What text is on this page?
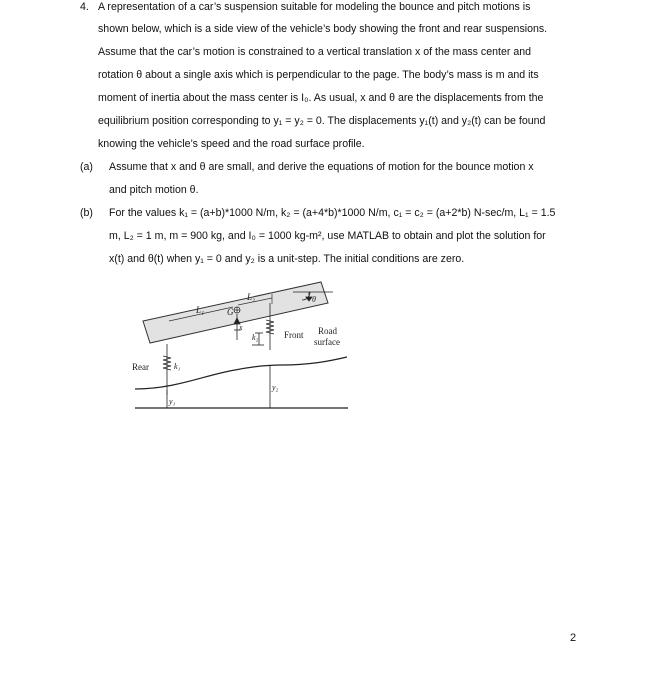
4. A representation of a car’s suspension suitable for modeling the bounce and pitch motions is
shown below, which is a side view of the vehicle’s body showing the front and rear suspensions.
Assume that the car’s motion is constrained to a vertical translation x of the mass center and
rotation θ about a single axis which is perpendicular to the page. The body’s mass is m and its
moment of inertia about the mass center is I₀. As usual, x and θ are the displacements from the
equilibrium position corresponding to y₁ = y₂ = 0. The displacements y₁(t) and y₂(t) can be found
knowing the vehicle’s speed and the road surface profile.
(a) Assume that x and θ are small, and derive the equations of motion for the bounce motion x
and pitch motion θ.
(b) For the values k₁ = (a+b)*1000 N/m, k₂ = (a+4*b)*1000 N/m, c₁ = c₂ = (a+2*b) N-sec/m, L₁ = 1.5
m, L₂ = 1 m, m = 900 kg, and I₀ = 1000 kg-m², use MATLAB to obtain and plot the solution for
x(t) and θ(t) when y₁ = 0 and y₂ is a unit-step. The initial conditions are zero.
L₁
L₂
G
x
θ
k₂
k₁
y₁
y₂
Rear
Front Road
surface
2
